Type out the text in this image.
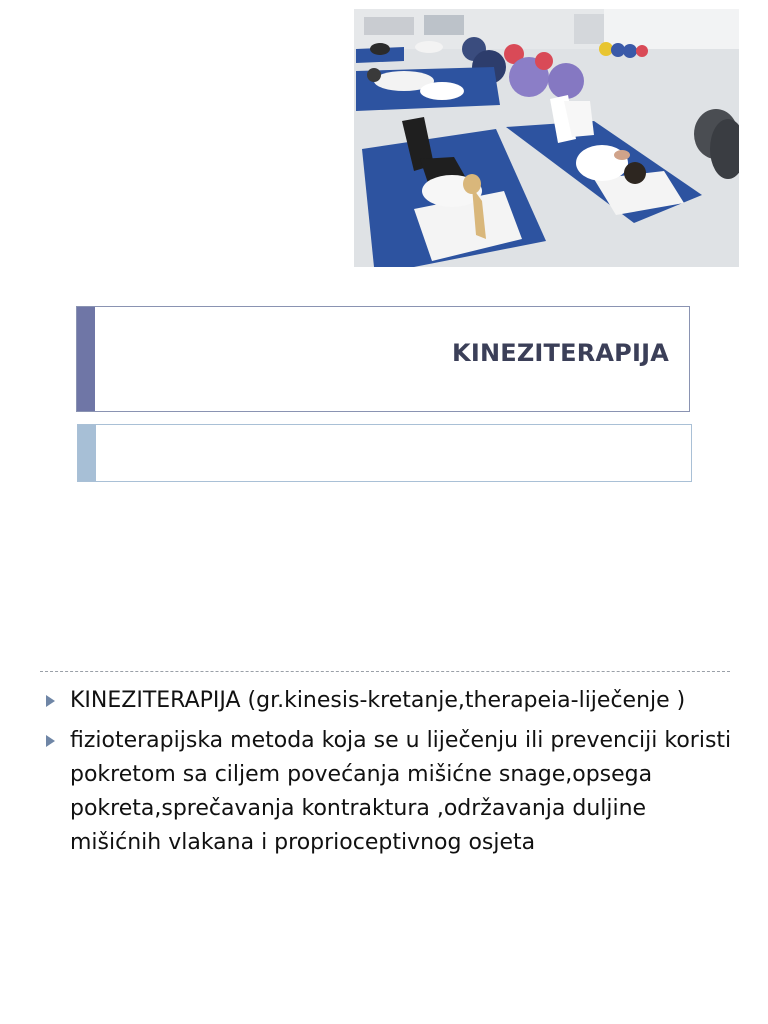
KINEZITERAPIJA
KINEZITERAPIJA (gr.kinesis-kretanje,therapeia-liječenje )
fizioterapijska metoda koja se u liječenju ili prevenciji koristi pokretom sa ciljem povećanja mišićne snage,opsega pokreta,sprečavanja kontraktura ,održavanja duljine mišićnih vlakana i proprioceptivnog osjeta
